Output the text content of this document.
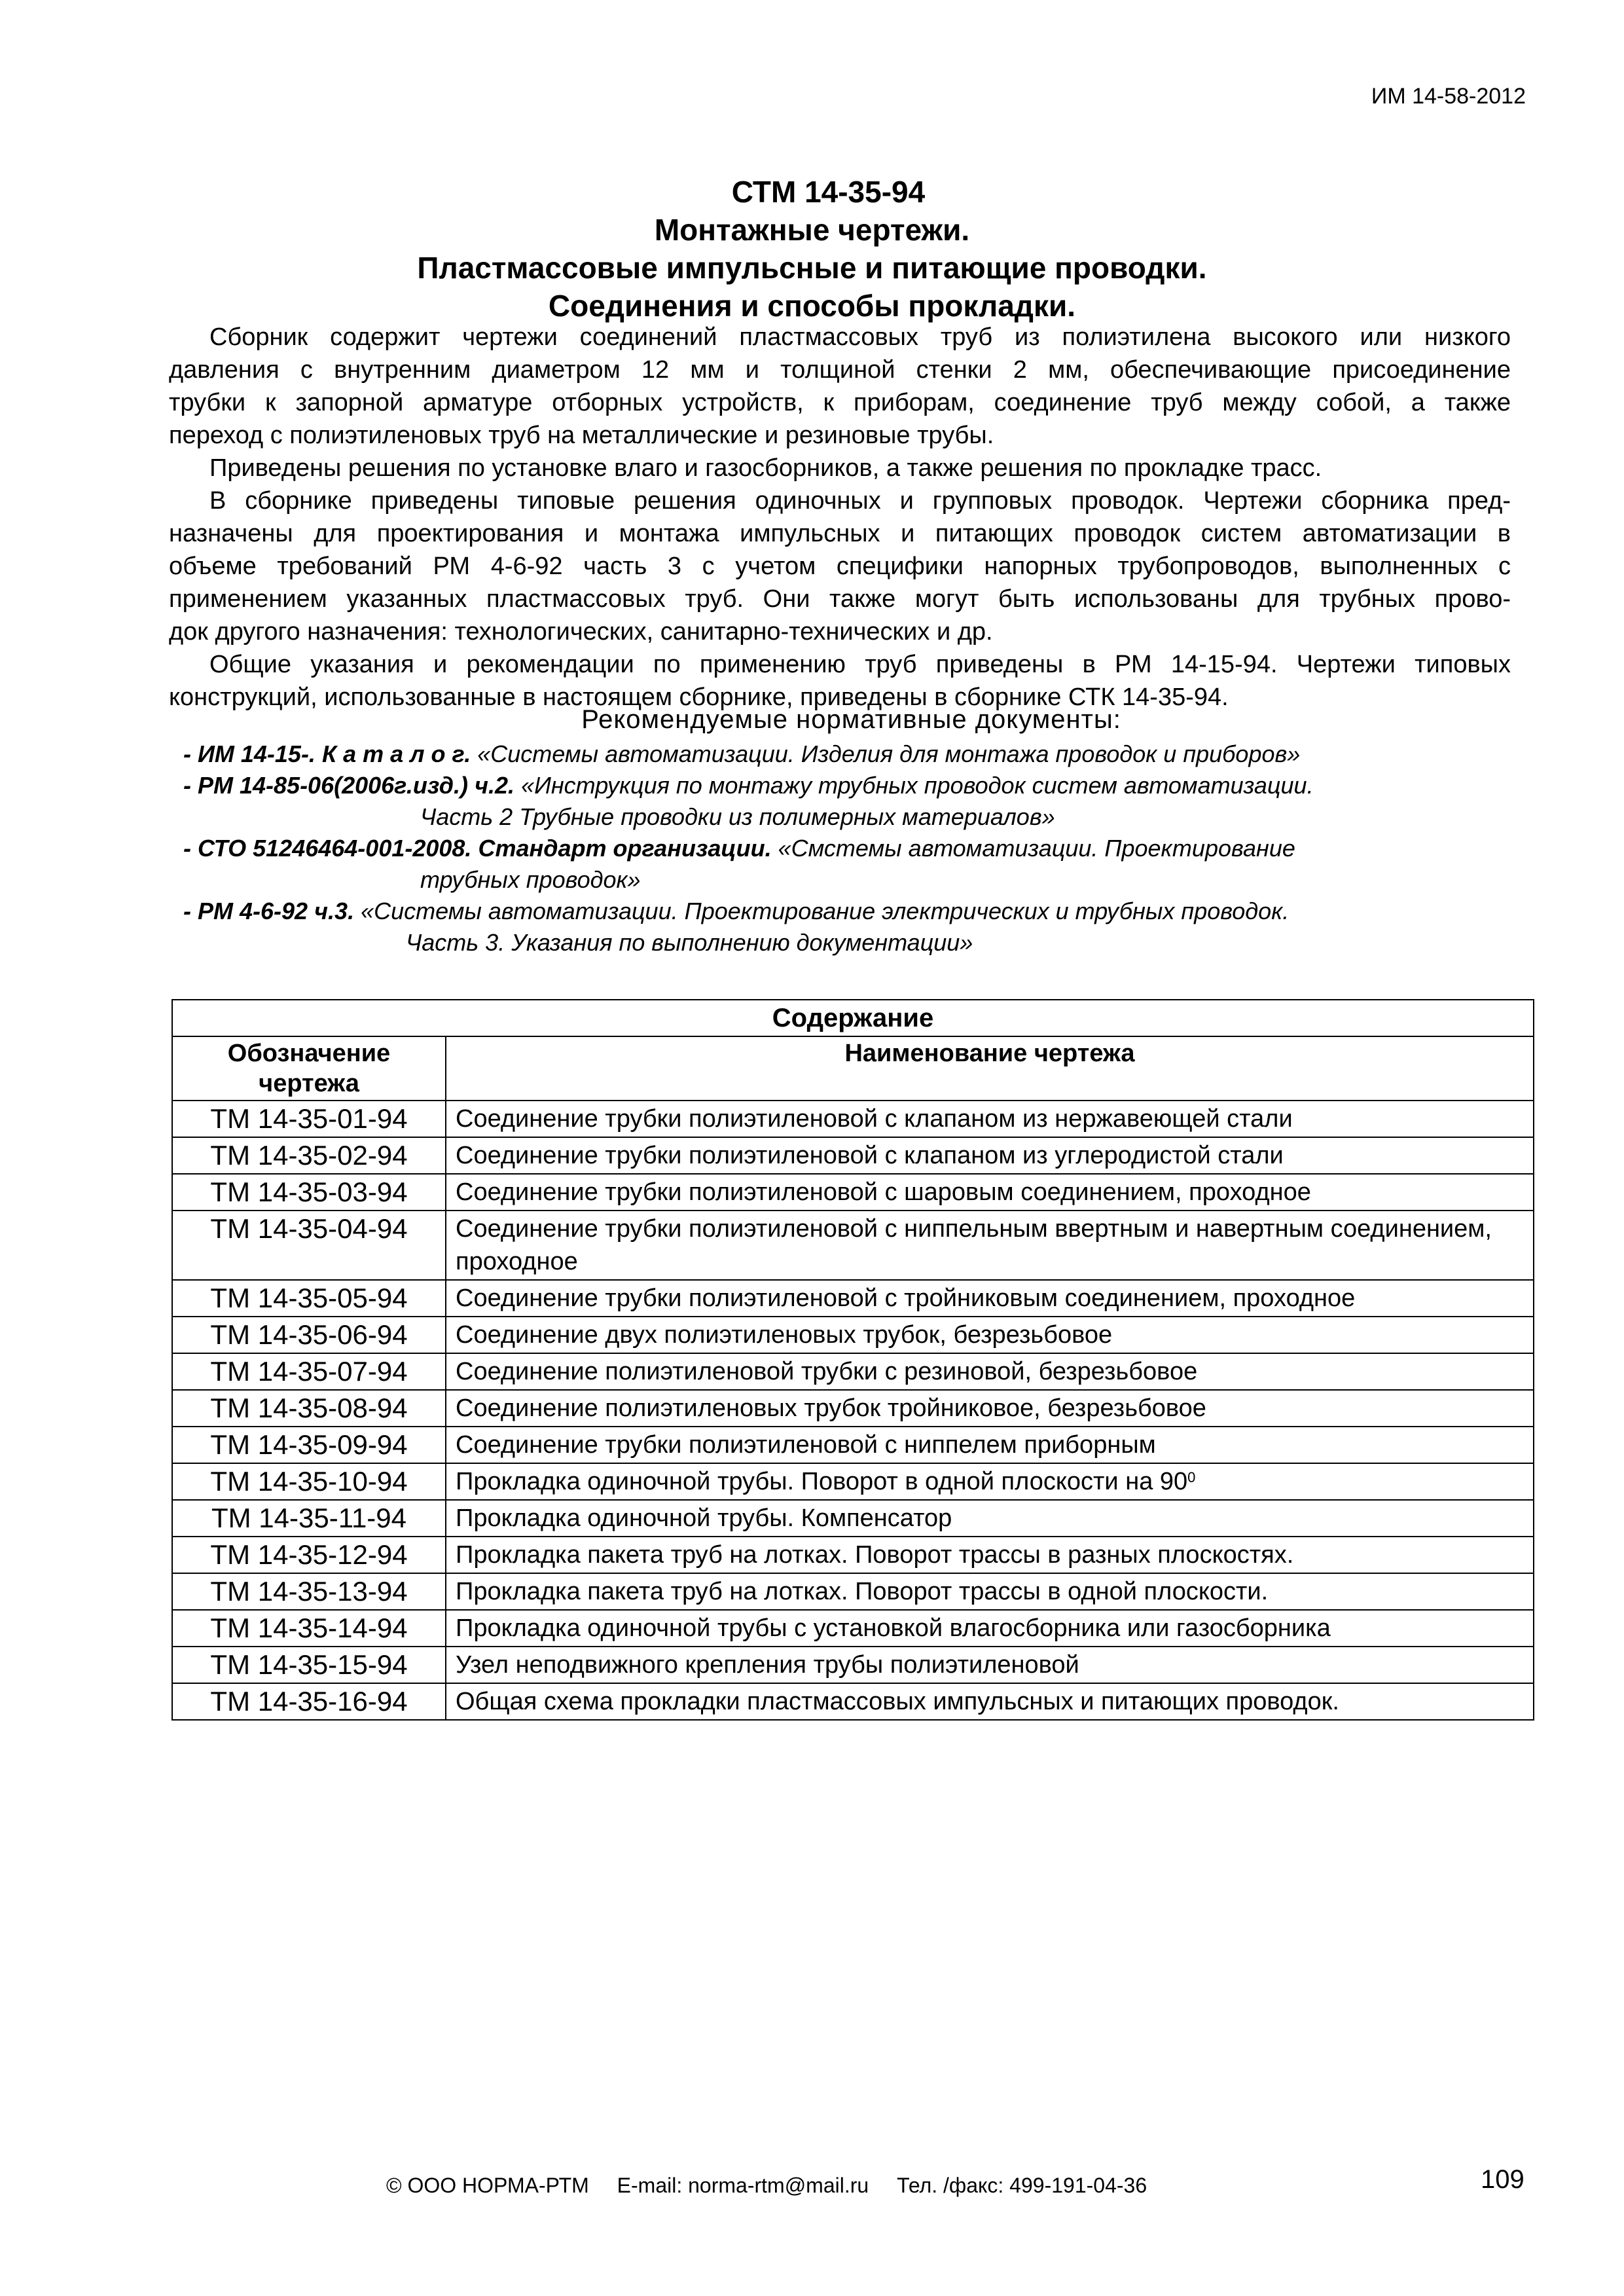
ИМ 14-58-2012
СТМ 14-35-94
Монтажные чертежи.
Пластмассовые импульсные и питающие проводки.
Соединения и способы прокладки.

Сборник содержит чертежи соединений пластмассовых труб из полиэтилена высокого или низкого

давления с внутренним диаметром 12 мм и толщиной стенки 2 мм, обеспечивающие присоединение

трубки к запорной арматуре отборных устройств, к приборам, соединение труб между собой, а также

переход с полиэтиленовых труб на металлические и резиновые трубы.

Приведены решения по установке влаго и газосборников, а также решения по прокладке трасс.

В сборнике приведены типовые решения одиночных и групповых проводок. Чертежи сборника пред-

назначены для проектирования и монтажа импульсных и питающих проводок систем автоматизации в

объеме требований РМ 4-6-92 часть 3 с учетом специфики напорных трубопроводов, выполненных с

применением указанных пластмассовых труб. Они также могут быть использованы для трубных прово-

док другого назначения: технологических, санитарно-технических и др.

Общие указания и рекомендации по применению труб приведены в РМ 14-15-94. Чертежи типовых

конструкций, использованные в настоящем сборнике, приведены в сборнике СТК 14-35-94.

Рекомендуемые нормативные документы:
- ИМ 14-15-. К а т а л о г. «Системы автоматизации. Изделия для монтажа проводок и приборов»
- РМ 14-85-06(2006г.изд.) ч.2. «Инструкция по монтажу трубных проводок систем автоматизации.
Часть 2 Трубные проводки из полимерных материалов»
- СТО 51246464-001-2008. Стандарт организации. «Смстемы автоматизации. Проектирование
трубных проводок»
- РМ 4-6-92 ч.3. «Системы автоматизации. Проектирование электрических и трубных проводок.
Часть 3. Указания по выполнению документации»
Содержание	
Обозначение чертежа	Наименование чертежа
ТМ 14-35-01-94	Соединение трубки полиэтиленовой с клапаном из нержавеющей стали
ТМ 14-35-02-94	Соединение трубки полиэтиленовой с клапаном из углеродистой стали
ТМ 14-35-03-94	Соединение трубки полиэтиленовой с шаровым соединением, проходное
ТМ 14-35-04-94	Соединение трубки полиэтиленовой с ниппельным ввертным и навертным соединением, проходное
ТМ 14-35-05-94	Соединение трубки полиэтиленовой с тройниковым соединением, проходное
ТМ 14-35-06-94	Соединение двух полиэтиленовых трубок, безрезьбовое
ТМ 14-35-07-94	Соединение полиэтиленовой трубки с резиновой, безрезьбовое
ТМ 14-35-08-94	Соединение полиэтиленовых трубок тройниковое, безрезьбовое
ТМ 14-35-09-94	Соединение трубки полиэтиленовой с ниппелем приборным
ТМ 14-35-10-94	Прокладка одиночной трубы. Поворот в одной плоскости на $90^0$
ТМ 14-35-11-94	Прокладка одиночной трубы. Компенсатор
ТМ 14-35-12-94	Прокладка пакета труб на лотках. Поворот трассы в разных плоскостях.
ТМ 14-35-13-94	Прокладка пакета труб на лотках. Поворот трассы в одной плоскости.
ТМ 14-35-14-94	Прокладка одиночной трубы с установкой влагосборника или газосборника
ТМ 14-35-15-94	Узел неподвижного крепления трубы полиэтиленовой
ТМ 14-35-16-94	Общая схема прокладки пластмассовых импульсных и питающих проводок.
© ООО НОРМА-РТМ E-mail: norma-rtm@mail.ru Тел. /факс: 499-191-04-36	109
